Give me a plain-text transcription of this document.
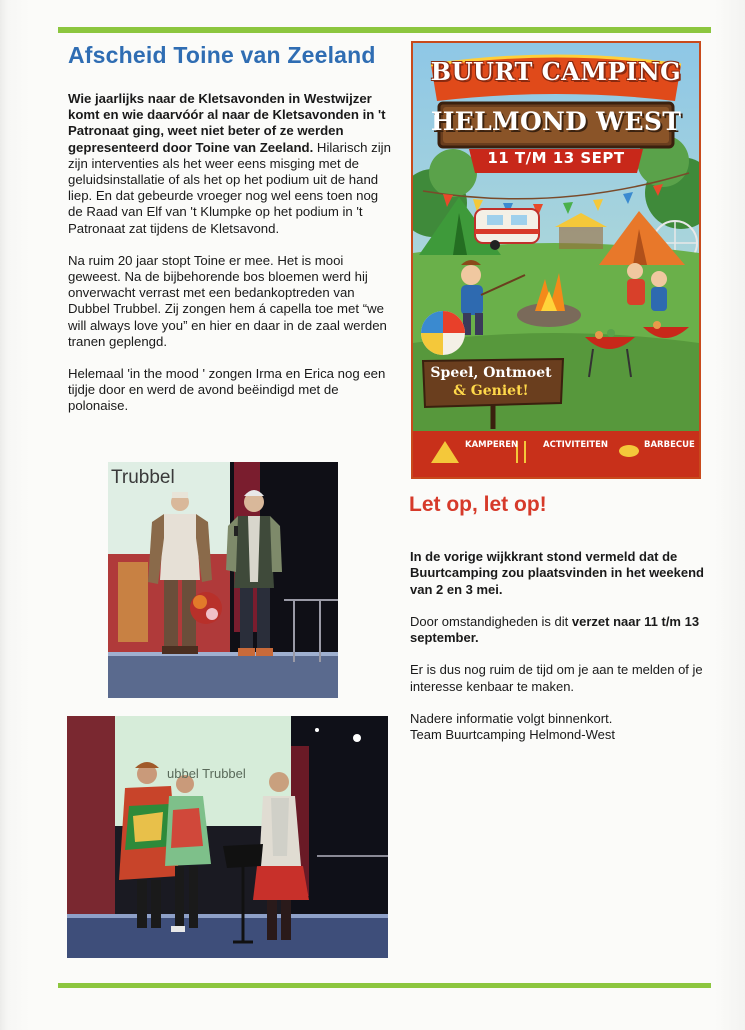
Afscheid Toine van Zeeland

Wie jaarlijks naar de Kletsavonden in Westwijzer komt en wie daarvóór al naar de Kletsavonden in 't Patronaat ging, weet niet beter of ze werden gepresenteerd door Toine van Zeeland. Hilarisch zijn zijn interventies als het weer eens misging met de geluidsinstallatie of als het op het podium uit de hand liep. En dat gebeurde vroeger nog wel eens toen nog de Raad van Elf van 't Klumpke op het podium in 't Patronaat zat tijdens de Kletsavond.

Na ruim 20 jaar stopt Toine er mee. Het is mooi geweest. Na de bijbehorende bos bloemen werd hij onverwacht verrast met een bedankoptreden van Dubbel Trubbel. Zij zongen hem á capella toe met “we will always love you” en hier en daar in de zaal werden tranen geplengd.

Helemaal 'in the mood ' zongen Irma en Erica nog een tijdje door en werd de avond beëindigd met de polonaise.

Trubbel
ubbel Trubbel
BUURT CAMPING
HELMOND WEST
11 T/M 13 SEPT
Speel, Ontmoet
& Geniet!
KAMPEREN	ACTIVITEITEN	BARBECUE
Let op, let op!

In de vorige wijkkrant stond vermeld dat de Buurtcamping zou plaatsvinden in het weekend van 2 en 3 mei.

Door omstandigheden is dit verzet naar 11 t/m 13 september.

Er is dus nog ruim de tijd om je aan te melden of je interesse kenbaar te maken.

Nadere informatie volgt binnenkort.
Team Buurtcamping Helmond-West
